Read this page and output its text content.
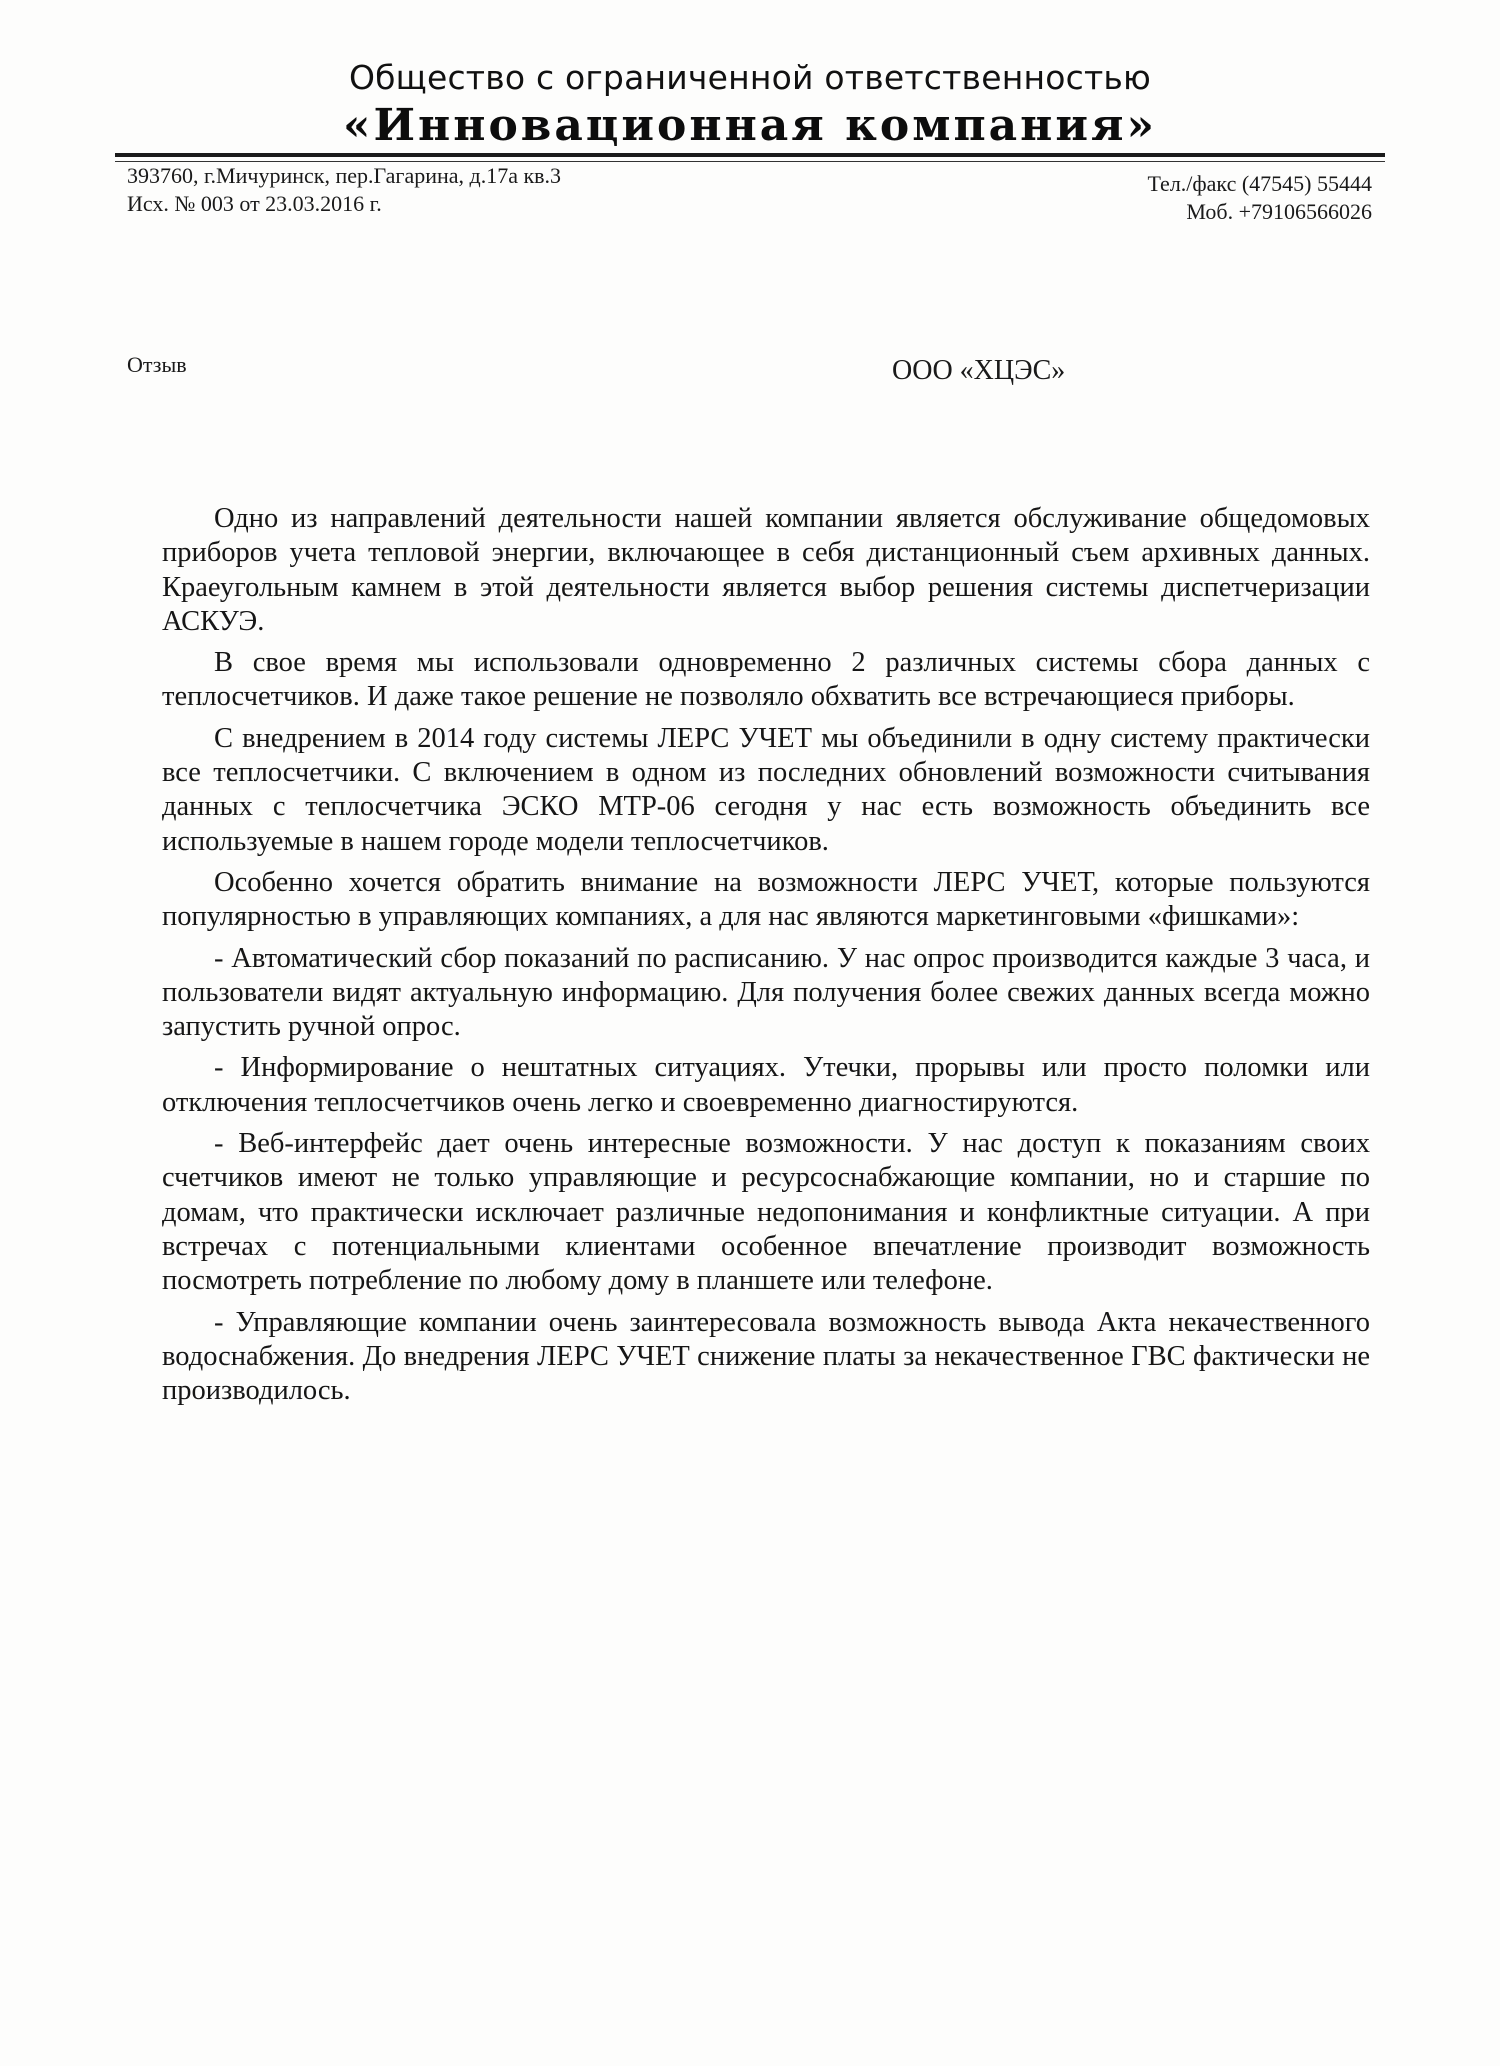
Общество с ограниченной ответственностью
«Инновационная компания»
393760, г.Мичуринск, пер.Гагарина, д.17а кв.3
Исх. № 003 от 23.03.2016 г.
Тел./факс (47545) 55444
Моб. +79106566026
Отзыв	ООО «ХЦЭС»

Одно из направлений деятельности нашей компании является обслуживание общедомовых приборов учета тепловой энергии, включающее в себя дистанционный съем архивных данных. Краеугольным камнем в этой деятельности является выбор решения системы диспетчеризации АСКУЭ.

В свое время мы использовали одновременно 2 различных системы сбора данных с теплосчетчиков. И даже такое решение не позволяло обхватить все встречающиеся приборы.

С внедрением в 2014 году системы ЛЕРС УЧЕТ мы объединили в одну систему практически все теплосчетчики. С включением в одном из последних обновлений возможности считывания данных с теплосчетчика ЭСКО МТР-06 сегодня у нас есть возможность объединить все используемые в нашем городе модели теплосчетчиков.

Особенно хочется обратить внимание на возможности ЛЕРС УЧЕТ, которые пользуются популярностью в управляющих компаниях, а для нас являются маркетинговыми «фишками»:

- Автоматический сбор показаний по расписанию. У нас опрос производится каждые 3 часа, и пользователи видят актуальную информацию. Для получения более свежих данных всегда можно запустить ручной опрос.

- Информирование о нештатных ситуациях. Утечки, прорывы или просто поломки или отключения теплосчетчиков очень легко и своевременно диагностируются.

- Веб-интерфейс дает очень интересные возможности. У нас доступ к показаниям своих счетчиков имеют не только управляющие и ресурсоснабжающие компании, но и старшие по домам, что практически исключает различные недопонимания и конфликтные ситуации. А при встречах с потенциальными клиентами особенное впечатление производит возможность посмотреть потребление по любому дому в планшете или телефоне.

- Управляющие компании очень заинтересовала возможность вывода Акта некачественного водоснабжения. До внедрения ЛЕРС УЧЕТ снижение платы за некачественное ГВС фактически не производилось.
